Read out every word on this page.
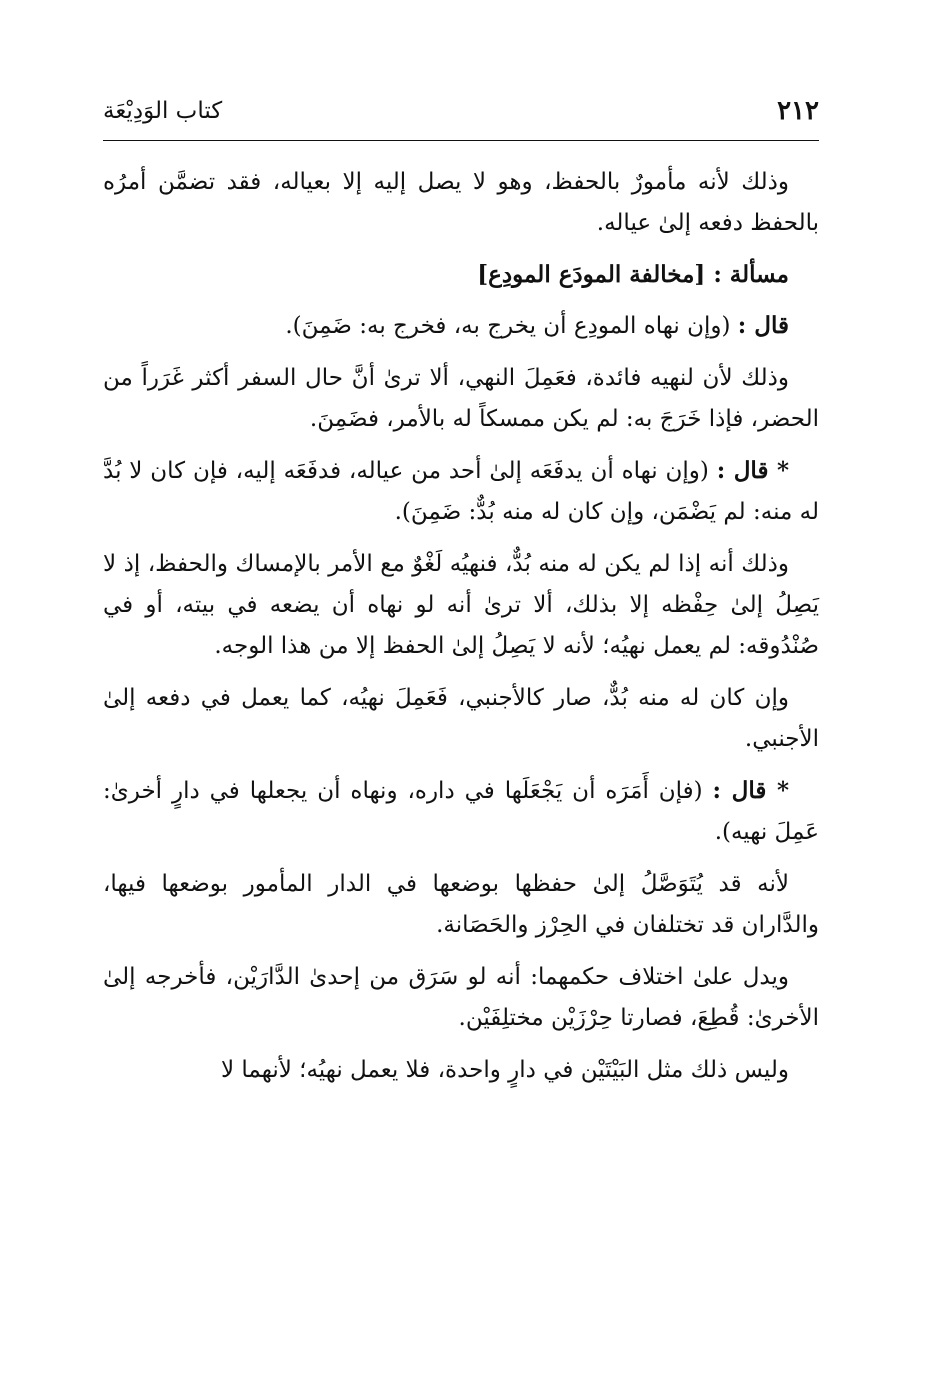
٢١٢
كتاب الوَدِيْعَة

وذلك لأنه مأمورٌ بالحفظ، وهو لا يصل إليه إلا بعياله، فقد تضمَّن أمرُه بالحفظ دفعه إلىٰ عياله.

مسألة : [مخالفة المودَع المودِع]

قال : (وإن نهاه المودِع أن يخرج به، فخرج به: ضَمِنَ).

وذلك لأن لنهيه فائدة، فعَمِلَ النهي، ألا ترىٰ أنَّ حال السفر أكثر غَرَراً من الحضر، فإذا خَرَجَ به: لم يكن ممسكاً له بالأمر، فضَمِنَ.

* قال : (وإن نهاه أن يدفَعَه إلىٰ أحد من عياله، فدفَعَه إليه، فإن كان لا بُدَّ له منه: لم يَضْمَن، وإن كان له منه بُدٌّ: ضَمِنَ).

وذلك أنه إذا لم يكن له منه بُدٌّ، فنهيُه لَغْوٌ مع الأمر بالإمساك والحفظ، إذ لا يَصِلُ إلىٰ حِفْظه إلا بذلك، ألا ترىٰ أنه لو نهاه أن يضعه في بيته، أو في صُنْدُوقه: لم يعمل نهيُه؛ لأنه لا يَصِلُ إلىٰ الحفظ إلا من هذا الوجه.

وإن كان له منه بُدٌّ، صار كالأجنبي، فَعَمِلَ نهيُه، كما يعمل في دفعه إلىٰ الأجنبي.

* قال : (فإن أَمَرَه أن يَجْعَلَها في داره، ونهاه أن يجعلها في دارٍ أخرىٰ: عَمِلَ نهيه).

لأنه قد يُتَوَصَّلُ إلىٰ حفظها بوضعها في الدار المأمور بوضعها فيها، والدَّاران قد تختلفان في الحِرْز والحَصَانة.

ويدل علىٰ اختلاف حكمهما: أنه لو سَرَق من إحدىٰ الدَّارَيْن، فأخرجه إلىٰ الأخرىٰ: قُطِعَ، فصارتا حِرْزَيْن مختلِفَيْن.

وليس ذلك مثل البَيْتَيْن في دارٍ واحدة، فلا يعمل نهيُه؛ لأنهما لا
